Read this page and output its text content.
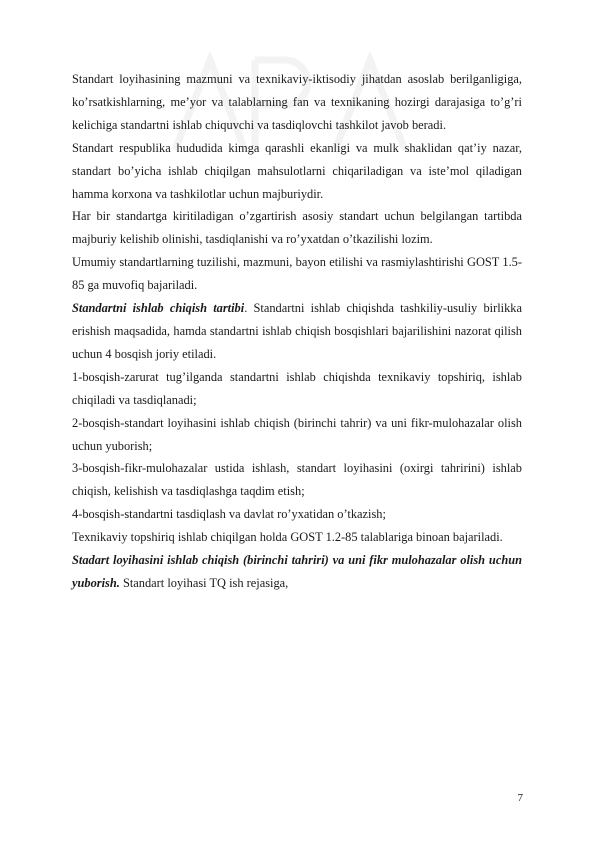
Standart loyihasining mazmuni va texnikaviy-iktisodiy jihatdan asoslab berilganligiga, ko’rsatkishlarning, me’yor va talablarning fan va texnikaning hozirgi darajasiga to’g’ri kelichiga standartni ishlab chiquvchi va tasdiqlovchi tashkilot javob beradi.

Standart respublika hududida kimga qarashli ekanligi va mulk shaklidan qat’iy nazar, standart bo’yicha ishlab chiqilgan mahsulotlarni chiqariladigan va iste’mol qiladigan hamma korxona va tashkilotlar uchun majburiydir.

Har bir standartga kiritiladigan o’zgartirish asosiy standart uchun belgilangan tartibda majburiy kelishib olinishi, tasdiqlanishi va ro’yxatdan o’tkazilishi lozim.

Umumiy standartlarning tuzilishi, mazmuni, bayon etilishi va rasmiylashtirishi GOST 1.5-85 ga muvofiq bajariladi.

Standartni ishlab chiqish tartibi. Standartni ishlab chiqishda tashkiliy-usuliy birlikka erishish maqsadida, hamda standartni ishlab chiqish bosqishlari bajarilishini nazorat qilish uchun 4 bosqish joriy etiladi.

1-bosqish-zarurat tug’ilganda standartni ishlab chiqishda texnikaviy topshiriq, ishlab chiqiladi va tasdiqlanadi;

2-bosqish-standart loyihasini ishlab chiqish (birinchi tahrir) va uni fikr-mulohazalar olish uchun yuborish;

3-bosqish-fikr-mulohazalar ustida ishlash, standart loyihasini (oxirgi tahririni) ishlab chiqish, kelishish va tasdiqlashga taqdim etish;

4-bosqish-standartni tasdiqlash va davlat ro’yxatidan o’tkazish;

Texnikaviy topshiriq ishlab chiqilgan holda GOST 1.2-85 talablariga binoan bajariladi.

Stadart loyihasini ishlab chiqish (birinchi tahriri) va uni fikr mulohazalar olish uchun yuborish. Standart loyihasi TQ ish rejasiga,

7
